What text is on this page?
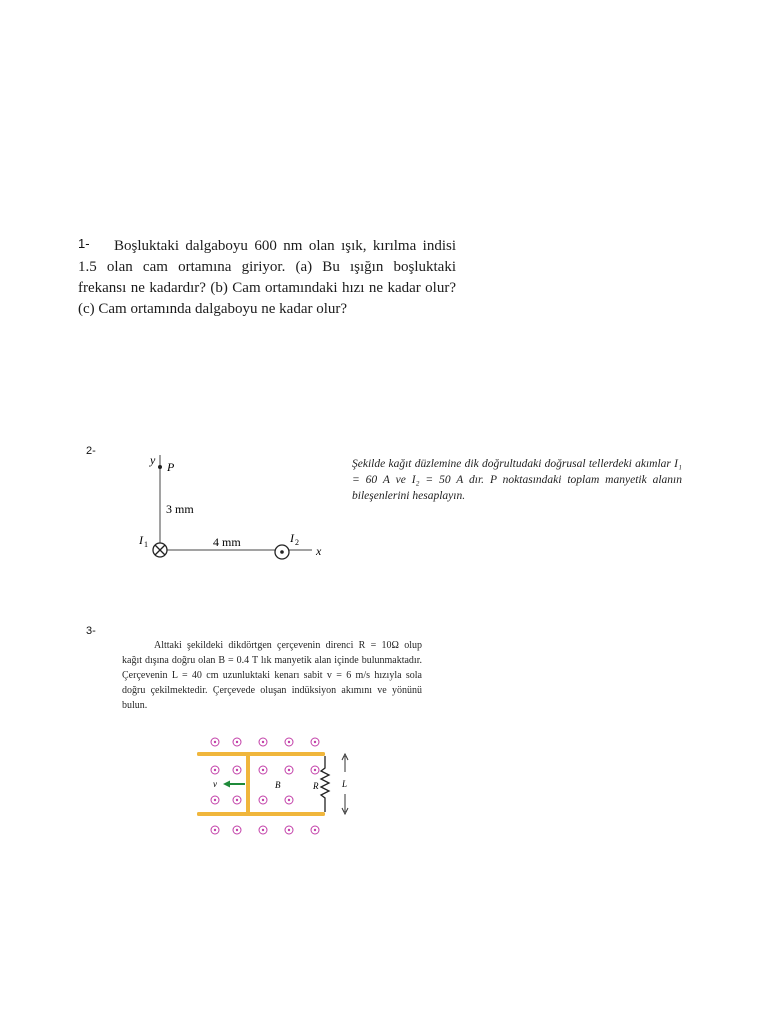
1-	Boşluktaki dalgaboyu 600 nm olan ışık, kırılma indisi 1.5 olan cam ortamına giriyor. (a) Bu ışığın boşluktaki frekansı ne kadardır? (b) Cam ortamındaki hızı ne kadar olur? (c) Cam ortamında dalgaboyu ne kadar olur?
2-
y P
3 mm
4 mm
I 1	I 2
x
Şekilde kağıt düzlemine dik doğrultudaki doğrusal tellerdeki akımlar I₁ = 60 A ve I₂ = 50 A dır. P noktasındaki toplam manyetik alanın bileşenlerini hesaplayın.
3-
Alttaki şekildeki dikdörtgen çerçevenin direnci R = 10Ω olup kağıt dışına doğru olan B = 0.4 T lık manyetik alan içinde bulunmaktadır. Çerçevenin L = 40 cm uzunluktaki kenarı sabit v = 6 m/s hızıyla sola doğru çekilmektedir. Çerçevede oluşan indüksiyon akımını ve yönünü bulun.
R
v	B	L
